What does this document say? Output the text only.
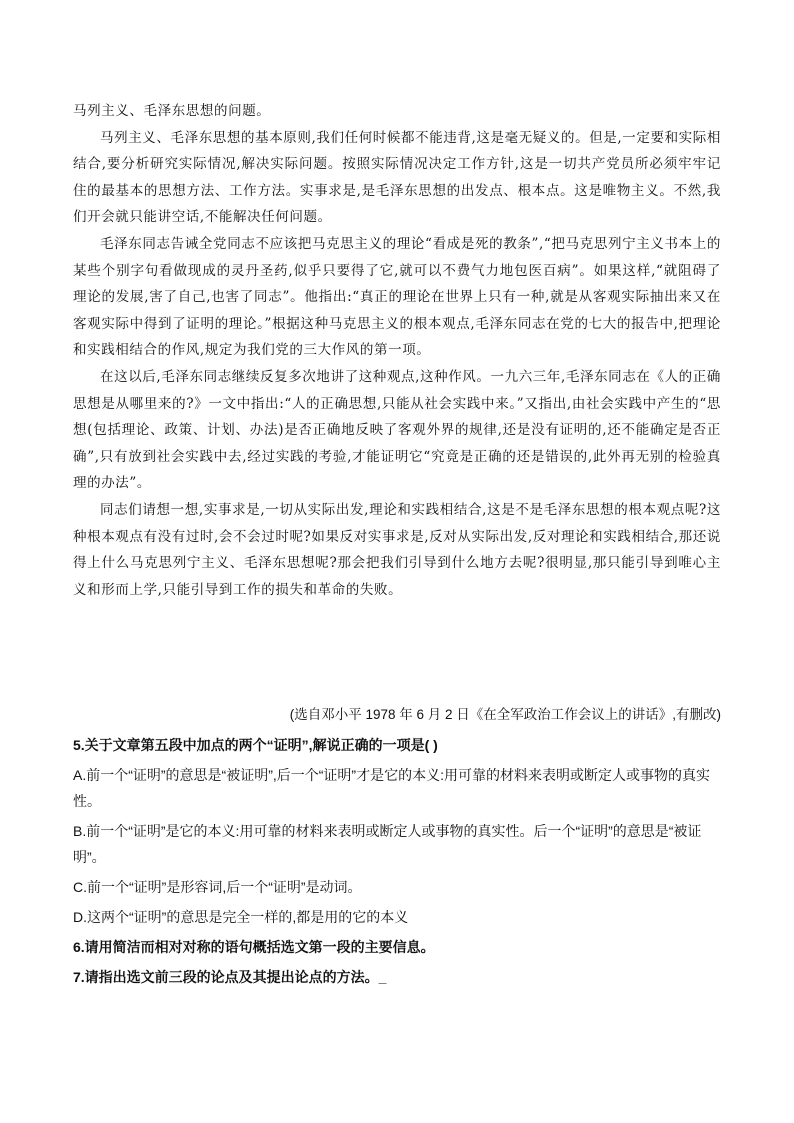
马列主义、毛泽东思想的问题。

马列主义、毛泽东思想的基本原则,我们任何时候都不能违背,这是毫无疑义的。但是,一定要和实际相结合,要分析研究实际情况,解决实际问题。按照实际情况决定工作方针,这是一切共产党员所必须牢牢记住的最基本的思想方法、工作方法。实事求是,是毛泽东思想的出发点、根本点。这是唯物主义。不然,我们开会就只能讲空话,不能解决任何问题。

毛泽东同志告诫全党同志不应该把马克思主义的理论“看成是死的教条”,“把马克思列宁主义书本上的某些个别字句看做现成的灵丹圣药,似乎只要得了它,就可以不费气力地包医百病”。如果这样,“就阻碍了理论的发展,害了自己,也害了同志”。他指出:“真正的理论在世界上只有一种,就是从客观实际抽出来又在客观实际中得到了证明的理论。”根据这种马克思主义的根本观点,毛泽东同志在党的七大的报告中,把理论和实践相结合的作风,规定为我们党的三大作风的第一项。

在这以后,毛泽东同志继续反复多次地讲了这种观点,这种作风。一九六三年,毛泽东同志在《人的正确思想是从哪里来的?》一文中指出:“人的正确思想,只能从社会实践中来。”又指出,由社会实践中产生的“思想(包括理论、政策、计划、办法)是否正确地反映了客观外界的规律,还是没有证明的,还不能确定是否正确”,只有放到社会实践中去,经过实践的考验,才能证明它“究竟是正确的还是错误的,此外再无别的检验真理的办法”。

同志们请想一想,实事求是,一切从实际出发,理论和实践相结合,这是不是毛泽东思想的根本观点呢?这种根本观点有没有过时,会不会过时呢?如果反对实事求是,反对从实际出发,反对理论和实践相结合,那还说得上什么马克思列宁主义、毛泽东思想呢?那会把我们引导到什么地方去呢?很明显,那只能引导到唯心主义和形而上学,只能引导到工作的损失和革命的失败。

(选自邓小平 1978 年 6 月 2 日《在全军政治工作会议上的讲话》,有删改)

5.关于文章第五段中加点的两个“证明”,解说正确的一项是( )

A.前一个“证明”的意思是“被证明”,后一个“证明”才是它的本义:用可靠的材料来表明或断定人或事物的真实性。

B.前一个“证明”是它的本义:用可靠的材料来表明或断定人或事物的真实性。后一个“证明”的意思是“被证明”。

C.前一个“证明”是形容词,后一个“证明”是动词。

D.这两个“证明”的意思是完全一样的,都是用的它的本义

6.请用简洁而相对对称的语句概括选文第一段的主要信息。

7.请指出选文前三段的论点及其提出论点的方法。_
